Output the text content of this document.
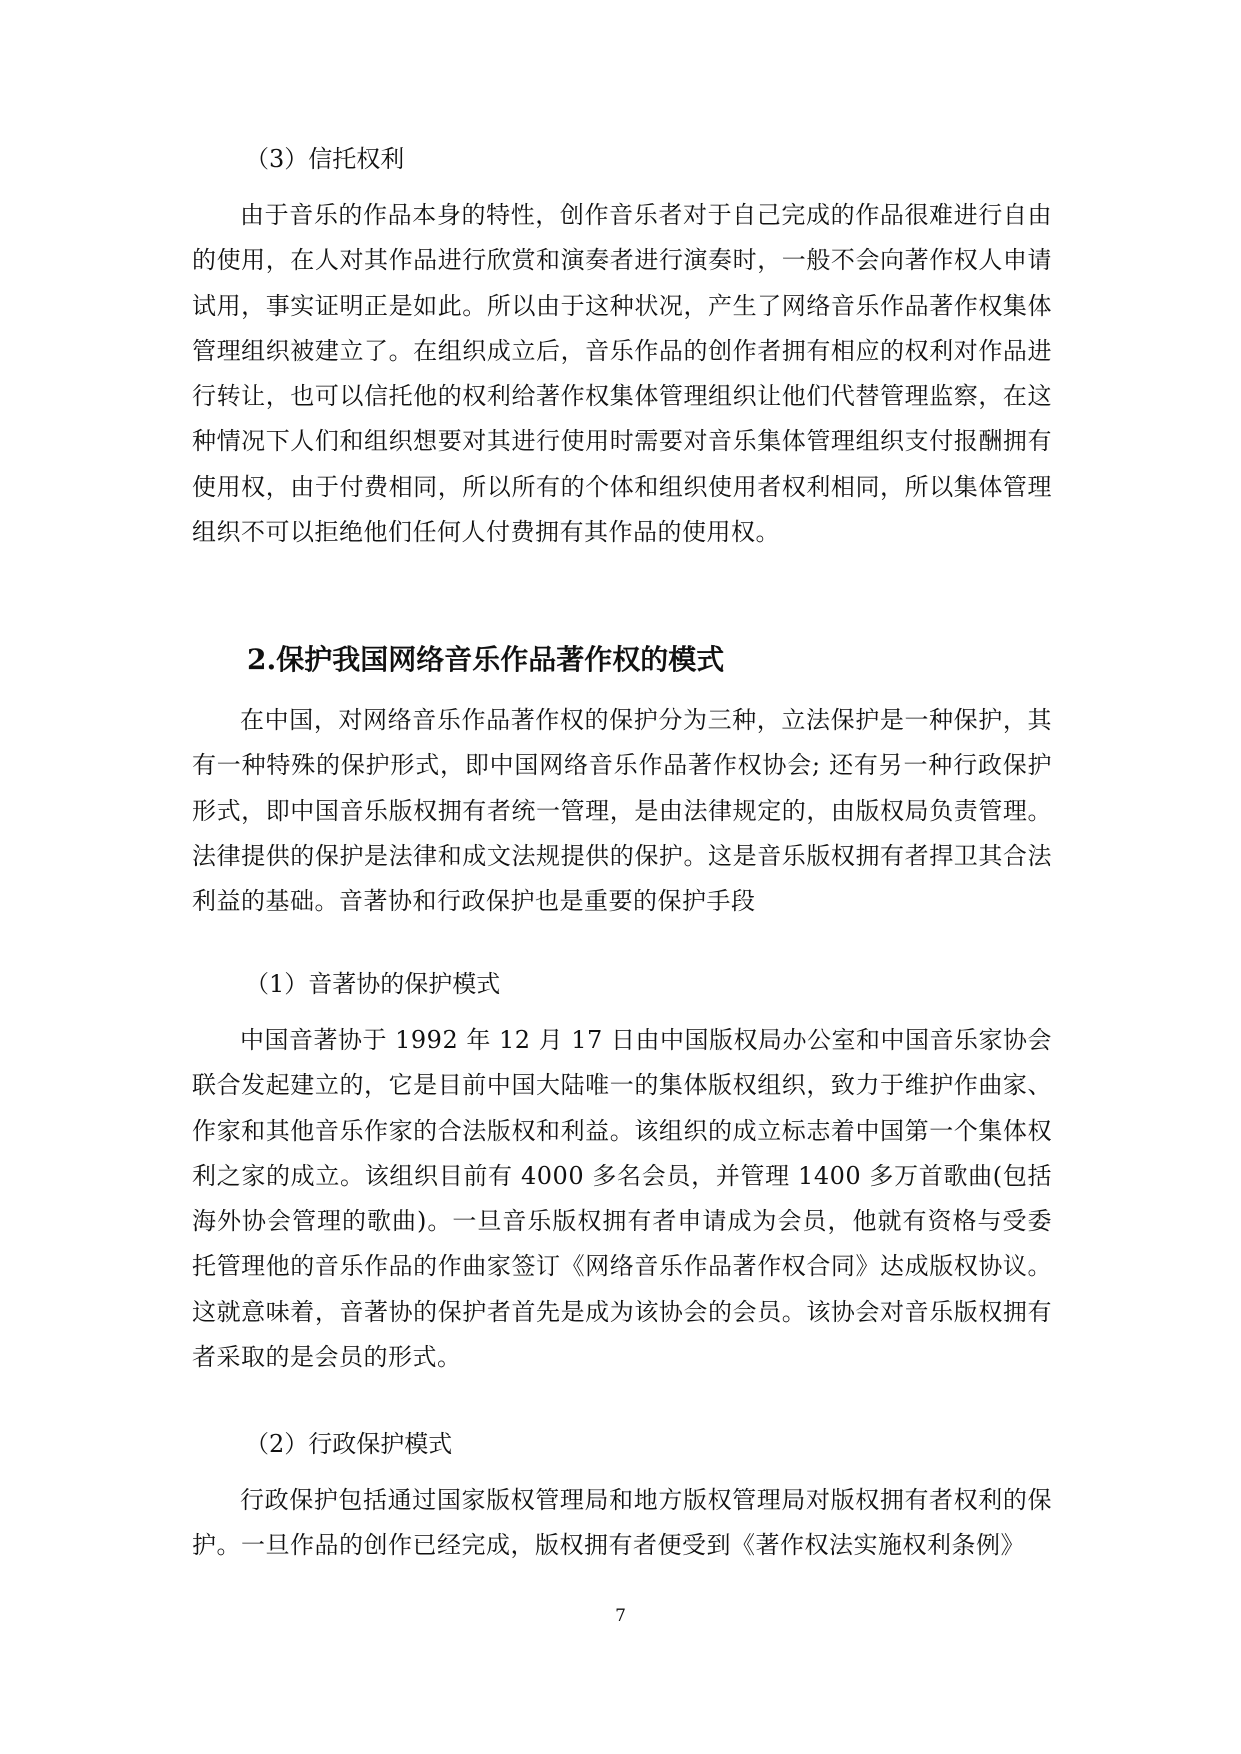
（3）信托权利

由于音乐的作品本身的特性，创作音乐者对于自己完成的作品很难进行自由的使用，在人对其作品进行欣赏和演奏者进行演奏时，一般不会向著作权人申请试用，事实证明正是如此。所以由于这种状况，产生了网络音乐作品著作权集体管理组织被建立了。在组织成立后，音乐作品的创作者拥有相应的权利对作品进行转让，也可以信托他的权利给著作权集体管理组织让他们代替管理监察，在这种情况下人们和组织想要对其进行使用时需要对音乐集体管理组织支付报酬拥有使用权，由于付费相同，所以所有的个体和组织使用者权利相同，所以集体管理组织不可以拒绝他们任何人付费拥有其作品的使用权。

2.保护我国网络音乐作品著作权的模式

在中国，对网络音乐作品著作权的保护分为三种，立法保护是一种保护，其有一种特殊的保护形式，即中国网络音乐作品著作权协会; 还有另一种行政保护形式，即中国音乐版权拥有者统一管理，是由法律规定的，由版权局负责管理。法律提供的保护是法律和成文法规提供的保护。这是音乐版权拥有者捍卫其合法利益的基础。音著协和行政保护也是重要的保护手段

（1）音著协的保护模式

中国音著协于 1992 年 12 月 17 日由中国版权局办公室和中国音乐家协会联合发起建立的，它是目前中国大陆唯一的集体版权组织，致力于维护作曲家、作家和其他音乐作家的合法版权和利益。该组织的成立标志着中国第一个集体权利之家的成立。该组织目前有 4000 多名会员，并管理 1400 多万首歌曲(包括海外协会管理的歌曲)。一旦音乐版权拥有者申请成为会员，他就有资格与受委托管理他的音乐作品的作曲家签订《网络音乐作品著作权合同》达成版权协议。这就意味着，音著协的保护者首先是成为该协会的会员。该协会对音乐版权拥有者采取的是会员的形式。

（2）行政保护模式

行政保护包括通过国家版权管理局和地方版权管理局对版权拥有者权利的保护。一旦作品的创作已经完成，版权拥有者便受到《著作权法实施权利条例》

7
